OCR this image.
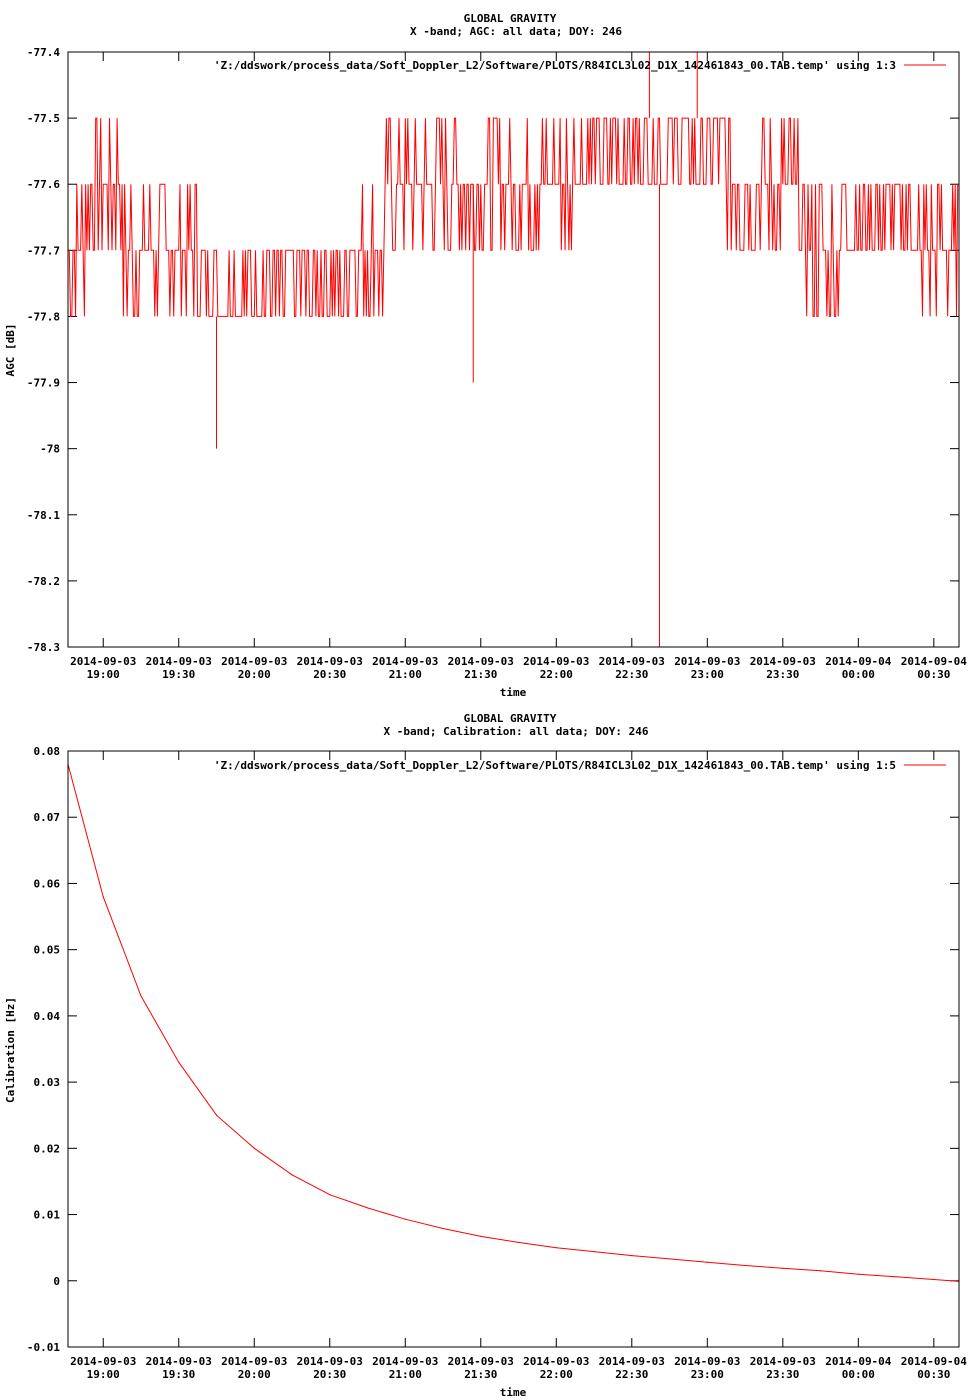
GLOBAL GRAVITY
X -band; AGC: all data; DOY: 246
-77.4
-77.5
-77.6
-77.7
-77.8
-77.9
-78
-78.1
-78.2
-78.3
2014-09-03
19:00
2014-09-03
19:30
2014-09-03
20:00
2014-09-03
20:30
2014-09-03
21:00
2014-09-03
21:30
2014-09-03
22:00
2014-09-03
22:30
2014-09-03
23:00
2014-09-03
23:30
2014-09-04
00:00
2014-09-04
00:30
AGC [dB]
time
'Z:/ddswork/process_data/Soft_Doppler_L2/Software/PLOTS/R84ICL3L02_D1X_142461843_00.TAB.temp' using 1:3
GLOBAL GRAVITY
X -band; Calibration: all data; DOY: 246
-0.01
0
0.01
0.02
0.03
0.04
0.05
0.06
0.07
0.08
2014-09-03
19:00
2014-09-03
19:30
2014-09-03
20:00
2014-09-03
20:30
2014-09-03
21:00
2014-09-03
21:30
2014-09-03
22:00
2014-09-03
22:30
2014-09-03
23:00
2014-09-03
23:30
2014-09-04
00:00
2014-09-04
00:30
Calibration [Hz]
time
'Z:/ddswork/process_data/Soft_Doppler_L2/Software/PLOTS/R84ICL3L02_D1X_142461843_00.TAB.temp' using 1:5
